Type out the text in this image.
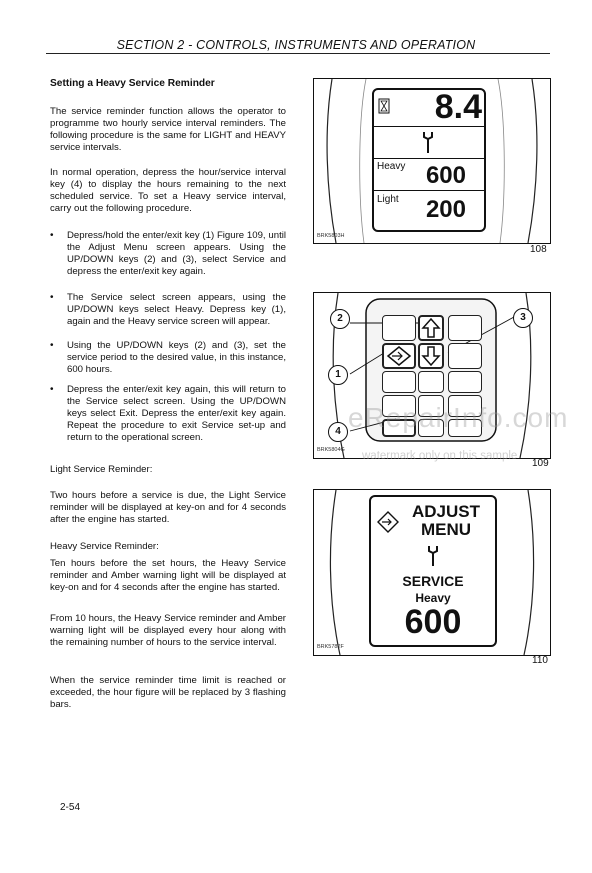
SECTION 2 - CONTROLS, INSTRUMENTS AND OPERATION

Setting a Heavy Service Reminder

The service reminder function allows the operator to programme two hourly service interval reminders. The following procedure is the same for LIGHT and HEAVY service intervals.

In normal operation, depress the hour/service interval key (4) to display the hours remaining to the next scheduled service. To set a Heavy service interval, carry out the following procedure.

• Depress/hold the enter/exit key (1) Figure 109, until the Adjust Menu screen appears. Using the UP/DOWN keys (2) and (3), select Service and depress the enter/exit key again.

• The Service select screen appears, using the UP/DOWN keys select Heavy. Depress key (1), again and the Heavy service screen will appear.

• Using the UP/DOWN keys (2) and (3), set the service period to the desired value, in this instance, 600 hours.

• Depress the enter/exit key again, this will return to the Service select screen. Using the UP/DOWN keys select Exit. Depress the enter/exit key again. Repeat the procedure to exit Service set-up and return to the operational screen.

Light Service Reminder:

Two hours before a service is due, the Light Service reminder will be displayed at key-on and for 4 seconds after the engine has started.

Heavy Service Reminder:

Ten hours before the set hours, the Heavy Service reminder and Amber warning light will be displayed at key-on and for 4 seconds after the engine has started.

From 10 hours, the Heavy Service reminder and Amber warning light will be displayed every hour along with the remaining number of hours to the service interval.

When the service reminder time limit is reached or exceeded, the hour figure will be replaced by 3 flashing bars.

8.4
Heavy 600
Light 200
BRK5803H
108
2	3
1
4
BRK5804G
109
ADJUST
MENU
SERVICE
Heavy
600
BRK5782F
110
eRepairInfo.com
watermark only on this sample
2-54
